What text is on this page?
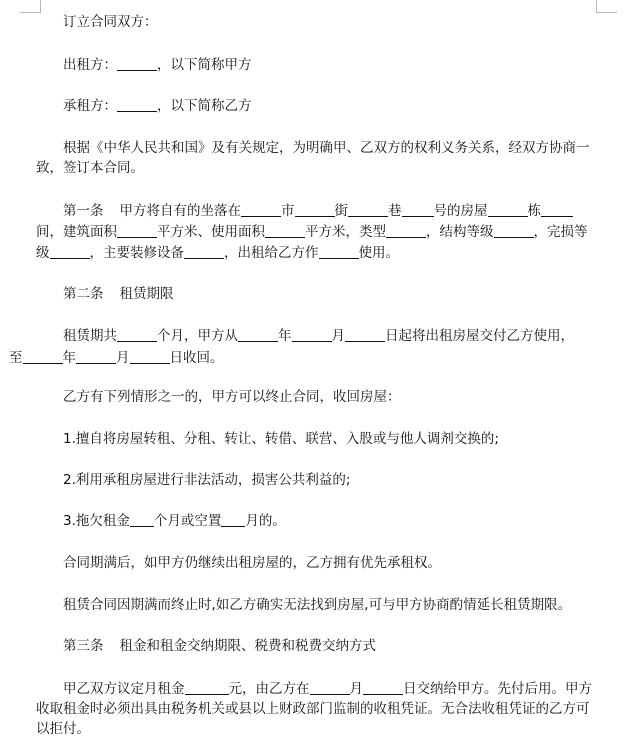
订立合同双方：
出租方：	，以下简称甲方
承租方：	，以下简称乙方
根据《中华人民共和国》及有关规定，为明确甲、乙双方的权利义务关系，经双方协商一致，签订本合同。
第一条 甲方将自有的坐落在	市	街	巷 号的房屋	栋间，建筑面积	平方米、使用面积	平方米，类型	，结构等级	，完损等级	，主要装修设备	，出租给乙方作	使用。
第二条 租赁期限
租赁期共	个月，甲方从	年	月	日起将出租房屋交付乙方使用，
至	年	月	日收回。
乙方有下列情形之一的，甲方可以终止合同，收回房屋：
1.擅自将房屋转租、分租、转让、转借、联营、入股或与他人调剂交换的;
2.利用承租房屋进行非法活动，损害公共利益的;
3.拖欠租金 个月或空置 月的。
合同期满后，如甲方仍继续出租房屋的，乙方拥有优先承租权。
租赁合同因期满而终止时,如乙方确实无法找到房屋,可与甲方协商酌情延长租赁期限。
第三条 租金和租金交纳期限、税费和税费交纳方式
甲乙双方议定月租金	元，由乙方在	月	日交纳给甲方。先付后用。甲方收取租金时必须出具由税务机关或县以上财政部门监制的收租凭证。无合法收租凭证的乙方可以拒付。
